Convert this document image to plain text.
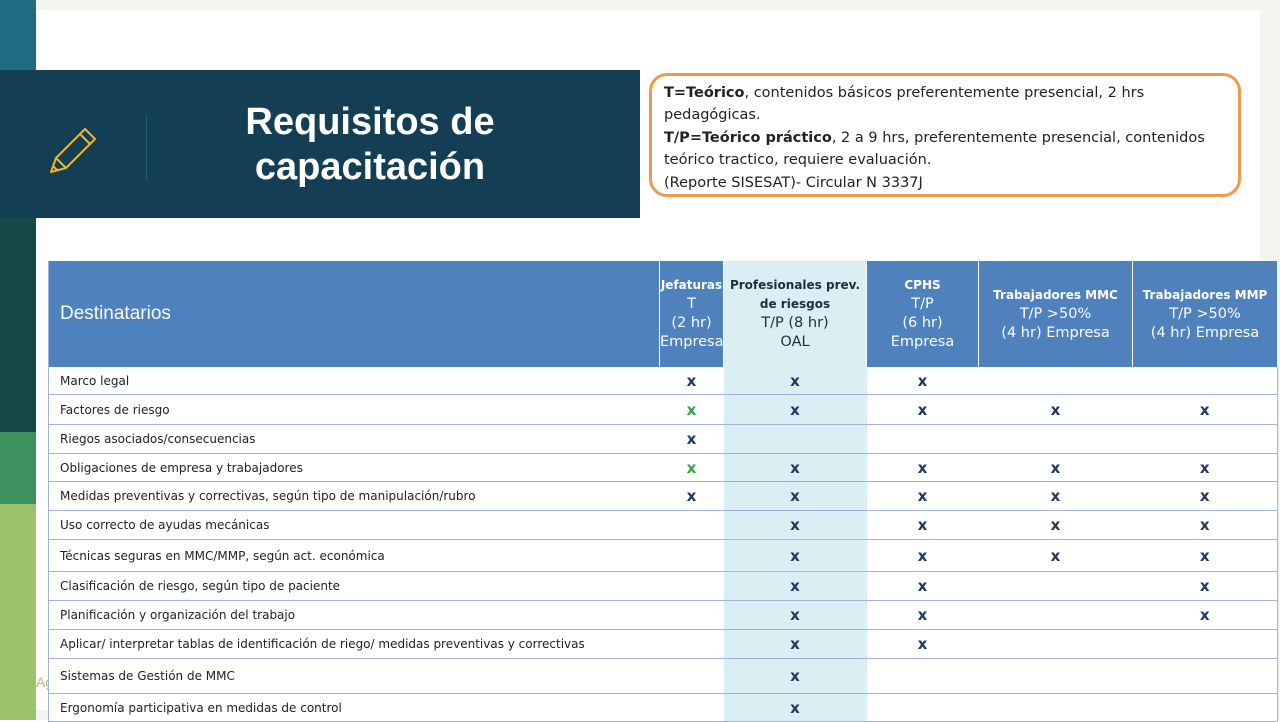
Ag
Requisitos de capacitación
T=Teórico, contenidos básicos preferentemente presencial, 2 hrs pedagógicas.
T/P=Teórico práctico, 2 a 9 hrs, preferentemente presencial, contenidos teórico tractico, requiere evaluación.
(Reporte SISESAT)- Circular N 3337J
Destinatarios	Jefaturas
T
(2 hr)
Empresa	Profesionales prev. de riesgos
T/P (8 hr)
OAL	CPHS
T/P
(6 hr)
Empresa	Trabajadores MMC
T/P >50%
(4 hr) Empresa	Trabajadores MMP
T/P >50%
(4 hr) Empresa

Marco legal	x	x	x		
Factores de riesgo	x	x	x	x	x
Riegos asociados/consecuencias	x				
Obligaciones de empresa y trabajadores	x	x	x	x	x
Medidas preventivas y correctivas, según tipo de manipulación/rubro	x	x	x	x	x
Uso correcto de ayudas mecánicas		x	x	x	x
Técnicas seguras en MMC/MMP, según act. económica		x	x	x	x
Clasificación de riesgo, según tipo de paciente		x	x		x
Planificación y organización del trabajo		x	x		x
Aplicar/ interpretar tablas de identificación de riego/ medidas preventivas y correctivas		x	x		
Sistemas de Gestión de MMC		x			
Ergonomía participativa en medidas de control		x			
